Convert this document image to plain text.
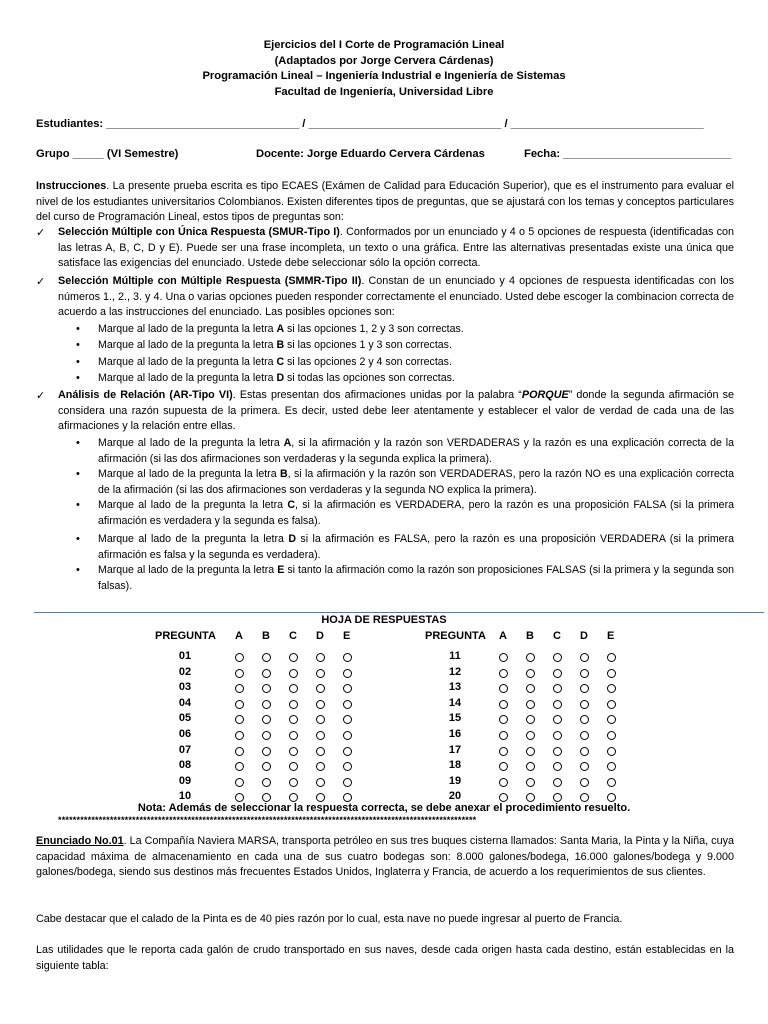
Ejercicios del I Corte de Programación Lineal
(Adaptados por Jorge Cervera Cárdenas)
Programación Lineal – Ingeniería Industrial e Ingeniería de Sistemas
Facultad de Ingeniería, Universidad Libre
Estudiantes: _______________________________ / _______________________________ / _______________________________
Grupo _____ (VI Semestre)	Docente: Jorge Eduardo Cervera Cárdenas	Fecha: ___________________________
Instrucciones. La presente prueba escrita es tipo ECAES (Exámen de Calidad para Educación Superior), que es el instrumento para evaluar el nivel de los estudiantes universitarios Colombianos. Existen diferentes tipos de preguntas, que se ajustará con los temas y conceptos particulares del curso de Programación Lineal, estos tipos de preguntas son:
✓ Selección Múltiple con Única Respuesta (SMUR-Tipo I). Conformados por un enunciado y 4 o 5 opciones de respuesta (identificadas con las letras A, B, C, D y E). Puede ser una frase incompleta, un texto o una gráfica. Entre las alternativas presentadas existe una única que satisface las exigencias del enunciado. Ustede debe seleccionar sólo la opción correcta.
✓ Selección Múltiple con Múltiple Respuesta (SMMR-Tipo II). Constan de un enunciado y 4 opciones de respuesta identificadas con los números 1., 2., 3. y 4. Una o varias opciones pueden responder correctamente el enunciado. Usted debe escoger la combinacion correcta de acuerdo a las instrucciones del enunciado. Las posibles opciones son:
• Marque al lado de la pregunta la letra A si las opciones 1, 2 y 3 son correctas.
• Marque al lado de la pregunta la letra B si las opciones 1 y 3 son correctas.
• Marque al lado de la pregunta la letra C si las opciones 2 y 4 son correctas.
• Marque al lado de la pregunta la letra D si todas las opciones son correctas.
✓ Análisis de Relación (AR-Tipo VI). Estas presentan dos afirmaciones unidas por la palabra “PORQUE” donde la segunda afirmación se considera una razón supuesta de la primera. Es decir, usted debe leer atentamente y establecer el valor de verdad de cada una de las afirmaciones y la relación entre ellas.
• Marque al lado de la pregunta la letra A, si la afirmación y la razón son VERDADERAS y la razón es una explicación correcta de la afirmación (si las dos afirmaciones son verdaderas y la segunda explica la primera).
• Marque al lado de la pregunta la letra B, si la afirmación y la razón son VERDADERAS, pero la razón NO es una explicación correcta de la afirmación (si las dos afirmaciones son verdaderas y la segunda NO explica la primera).
• Marque al lado de la pregunta la letra C, si la afirmación es VERDADERA, pero la razón es una proposición FALSA (si la primera afirmación es verdadera y la segunda es falsa).
• Marque al lado de la pregunta la letra D si la afirmación es FALSA, pero la razón es una proposición VERDADERA (si la primera afirmación es falsa y la segunda es verdadera).
• Marque al lado de la pregunta la letra E si tanto la afirmación como la razón son proposiciones FALSAS (si la primera y la segunda son falsas).
HOJA DE RESPUESTAS
PREGUNTA A B C D E
01
02
03
04
05
06
07
08
09
10
PREGUNTA A B C D E
11
12
13
14
15
16
17
18
19
20
Nota: Además de seleccionar la respuesta correcta, se debe anexar el procedimiento resuelto.
*****************************************************************************************************************
Enunciado No.01. La Compañía Naviera MARSA, transporta petróleo en sus tres buques cisterna llamados: Santa Maria, la Pinta y la Niña, cuya capacidad máxima de almacenamiento en cada una de sus cuatro bodegas son: 8.000 galones/bodega, 16.000 galones/bodega y 9.000 galones/bodega, siendo sus destinos más frecuentes Estados Unidos, Inglaterra y Francia, de acuerdo a los requerimientos de sus clientes.
Cabe destacar que el calado de la Pinta es de 40 pies razón por lo cual, esta nave no puede ingresar al puerto de Francia.
Las utilidades que le reporta cada galón de crudo transportado en sus naves, desde cada origen hasta cada destino, están establecidas en la siguiente tabla:
